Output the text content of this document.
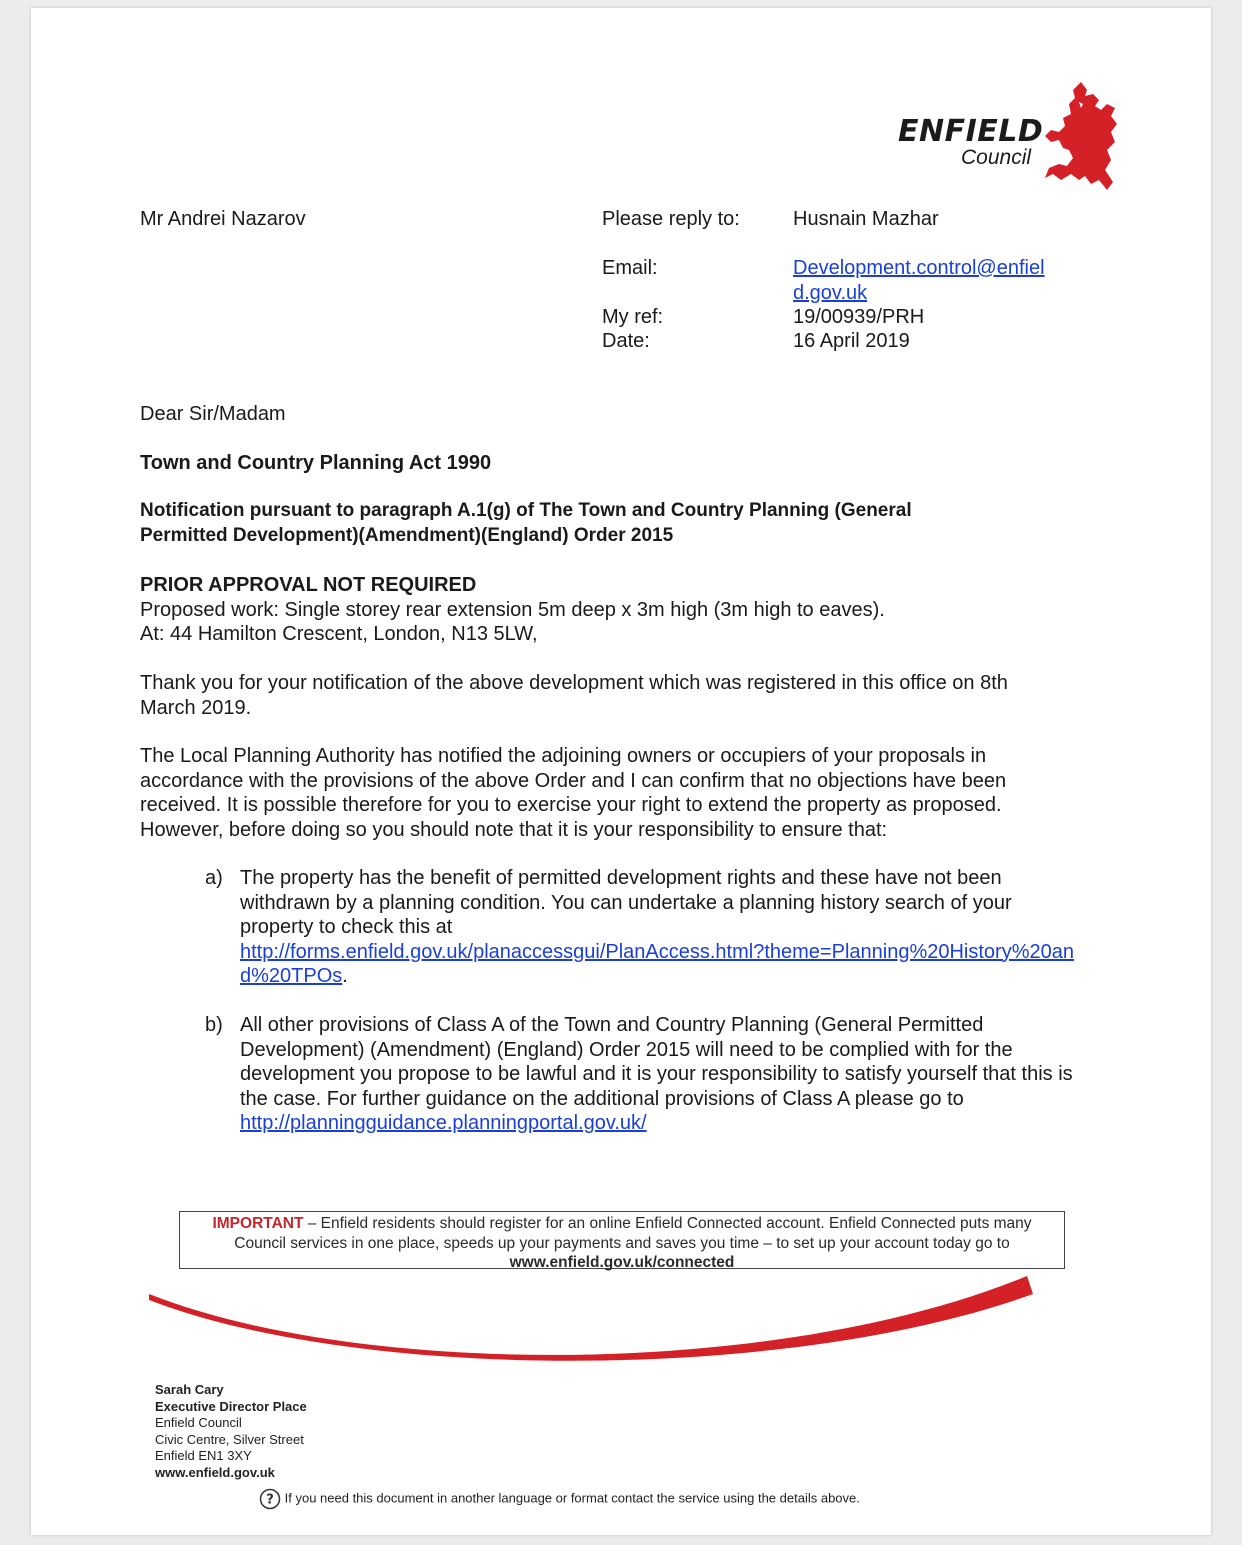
ENFIELD
Council
Mr Andrei Nazarov	Please reply to:	Husnain Mazhar
Email:	Development.control@enfiel
d.gov.uk
My ref:	19/00939/PRH
Date:	16 April 2019
Dear Sir/Madam
Town and Country Planning Act 1990
Notification pursuant to paragraph A.1(g) of The Town and Country Planning (General
Permitted Development)(Amendment)(England) Order 2015
PRIOR APPROVAL NOT REQUIRED
Proposed work: Single storey rear extension 5m deep x 3m high (3m high to eaves).
At: 44 Hamilton Crescent, London, N13 5LW,
Thank you for your notification of the above development which was registered in this office on 8th
March 2019.
The Local Planning Authority has notified the adjoining owners or occupiers of your proposals in
accordance with the provisions of the above Order and I can confirm that no objections have been
received. It is possible therefore for you to exercise your right to extend the property as proposed.
However, before doing so you should note that it is your responsibility to ensure that:
a) The property has the benefit of permitted development rights and these have not been
withdrawn by a planning condition. You can undertake a planning history search of your
property to check this at
http://forms.enfield.gov.uk/planaccessgui/PlanAccess.html?theme=Planning%20History%20an
d%20TPOs.
b) All other provisions of Class A of the Town and Country Planning (General Permitted
Development) (Amendment) (England) Order 2015 will need to be complied with for the
development you propose to be lawful and it is your responsibility to satisfy yourself that this is
the case. For further guidance on the additional provisions of Class A please go to
http://planningguidance.planningportal.gov.uk/
IMPORTANT – Enfield residents should register for an online Enfield Connected account. Enfield Connected puts many
Council services in one place, speeds up your payments and saves you time – to set up your account today go to
www.enfield.gov.uk/connected
Sarah Cary
Executive Director Place
Enfield Council
Civic Centre, Silver Street
Enfield EN1 3XY
www.enfield.gov.uk
? If you need this document in another language or format contact the service using the details above.
